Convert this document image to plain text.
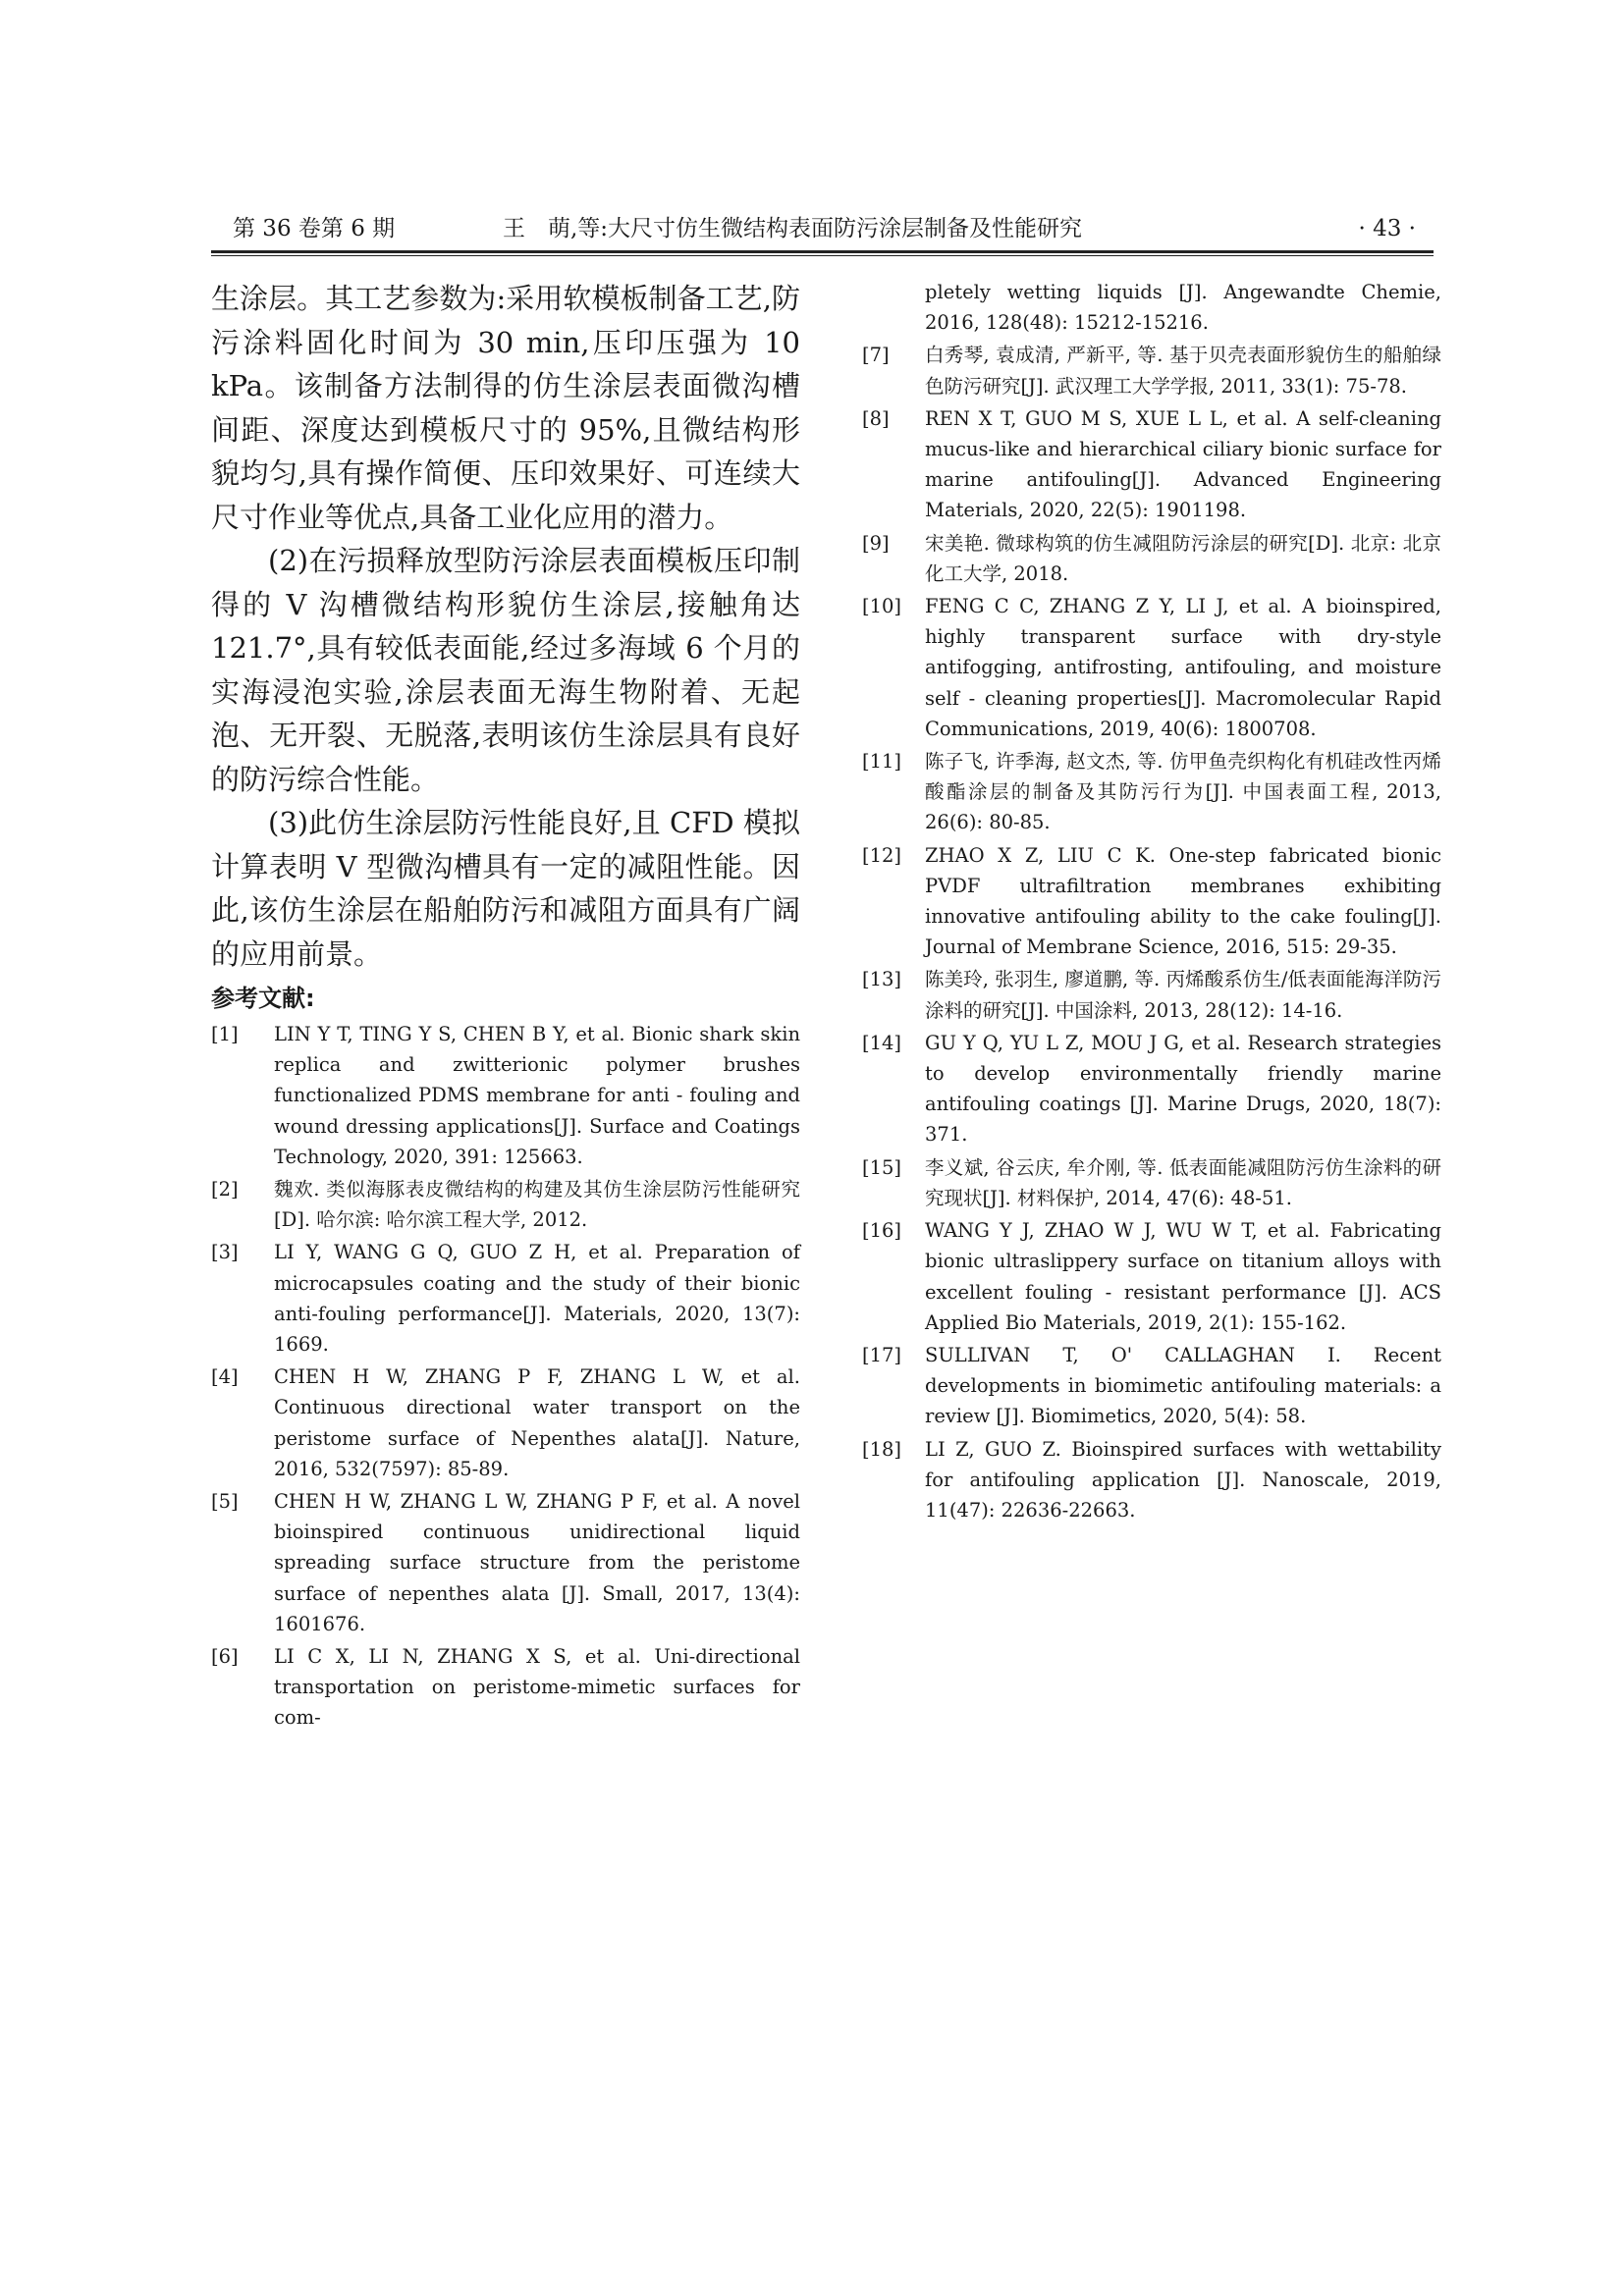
第 36 卷第 6 期	王　萌,等:大尺寸仿生微结构表面防污涂层制备及性能研究	· 43 ·

生涂层。其工艺参数为:采用软模板制备工艺,防污涂料固化时间为 30 min,压印压强为 10 kPa。该制备方法制得的仿生涂层表面微沟槽间距、深度达到模板尺寸的 95%,且微结构形貌均匀,具有操作简便、压印效果好、可连续大尺寸作业等优点,具备工业化应用的潜力。

(2)在污损释放型防污涂层表面模板压印制得的 V 沟槽微结构形貌仿生涂层,接触角达 121.7°,具有较低表面能,经过多海域 6 个月的实海浸泡实验,涂层表面无海生物附着、无起泡、无开裂、无脱落,表明该仿生涂层具有良好的防污综合性能。

(3)此仿生涂层防污性能良好,且 CFD 模拟计算表明 V 型微沟槽具有一定的减阻性能。因此,该仿生涂层在船舶防污和减阻方面具有广阔的应用前景。

参考文献:
[1] LIN Y T, TING Y S, CHEN B Y, et al. Bionic shark skin replica and zwitterionic polymer brushes functionalized PDMS membrane for anti - fouling and wound dressing applications[J]. Surface and Coatings Technology, 2020, 391: 125663.
[2] 魏欢. 类似海豚表皮微结构的构建及其仿生涂层防污性能研究[D]. 哈尔滨: 哈尔滨工程大学, 2012.
[3] LI Y, WANG G Q, GUO Z H, et al. Preparation of microcapsules coating and the study of their bionic anti-fouling performance[J]. Materials, 2020, 13(7): 1669.
[4] CHEN H W, ZHANG P F, ZHANG L W, et al. Continuous directional water transport on the peristome surface of Nepenthes alata[J]. Nature, 2016, 532(7597): 85-89.
[5] CHEN H W, ZHANG L W, ZHANG P F, et al. A novel bioinspired continuous unidirectional liquid spreading surface structure from the peristome surface of nepenthes alata [J]. Small, 2017, 13(4): 1601676.
[6] LI C X, LI N, ZHANG X S, et al. Uni-directional transportation on peristome-mimetic surfaces for com-
pletely wetting liquids [J]. Angewandte Chemie, 2016, 128(48): 15212-15216.
[7] 白秀琴, 袁成清, 严新平, 等. 基于贝壳表面形貌仿生的船舶绿色防污研究[J]. 武汉理工大学学报, 2011, 33(1): 75-78.
[8] REN X T, GUO M S, XUE L L, et al. A self-cleaning mucus-like and hierarchical ciliary bionic surface for marine antifouling[J]. Advanced Engineering Materials, 2020, 22(5): 1901198.
[9] 宋美艳. 微球构筑的仿生减阻防污涂层的研究[D]. 北京: 北京化工大学, 2018.
[10] FENG C C, ZHANG Z Y, LI J, et al. A bioinspired, highly transparent surface with dry-style antifogging, antifrosting, antifouling, and moisture self - cleaning properties[J]. Macromolecular Rapid Communications, 2019, 40(6): 1800708.
[11] 陈子飞, 许季海, 赵文杰, 等. 仿甲鱼壳织构化有机硅改性丙烯酸酯涂层的制备及其防污行为[J]. 中国表面工程, 2013, 26(6): 80-85.
[12] ZHAO X Z, LIU C K. One-step fabricated bionic PVDF ultrafiltration membranes exhibiting innovative antifouling ability to the cake fouling[J]. Journal of Membrane Science, 2016, 515: 29-35.
[13] 陈美玲, 张羽生, 廖道鹏, 等. 丙烯酸系仿生/低表面能海洋防污涂料的研究[J]. 中国涂料, 2013, 28(12): 14-16.
[14] GU Y Q, YU L Z, MOU J G, et al. Research strategies to develop environmentally friendly marine antifouling coatings [J]. Marine Drugs, 2020, 18(7): 371.
[15] 李义斌, 谷云庆, 牟介刚, 等. 低表面能减阻防污仿生涂料的研究现状[J]. 材料保护, 2014, 47(6): 48-51.
[16] WANG Y J, ZHAO W J, WU W T, et al. Fabricating bionic ultraslippery surface on titanium alloys with excellent fouling - resistant performance [J]. ACS Applied Bio Materials, 2019, 2(1): 155-162.
[17] SULLIVAN T, O' CALLAGHAN I. Recent developments in biomimetic antifouling materials: a review [J]. Biomimetics, 2020, 5(4): 58.
[18] LI Z, GUO Z. Bioinspired surfaces with wettability for antifouling application [J]. Nanoscale, 2019, 11(47): 22636-22663.
